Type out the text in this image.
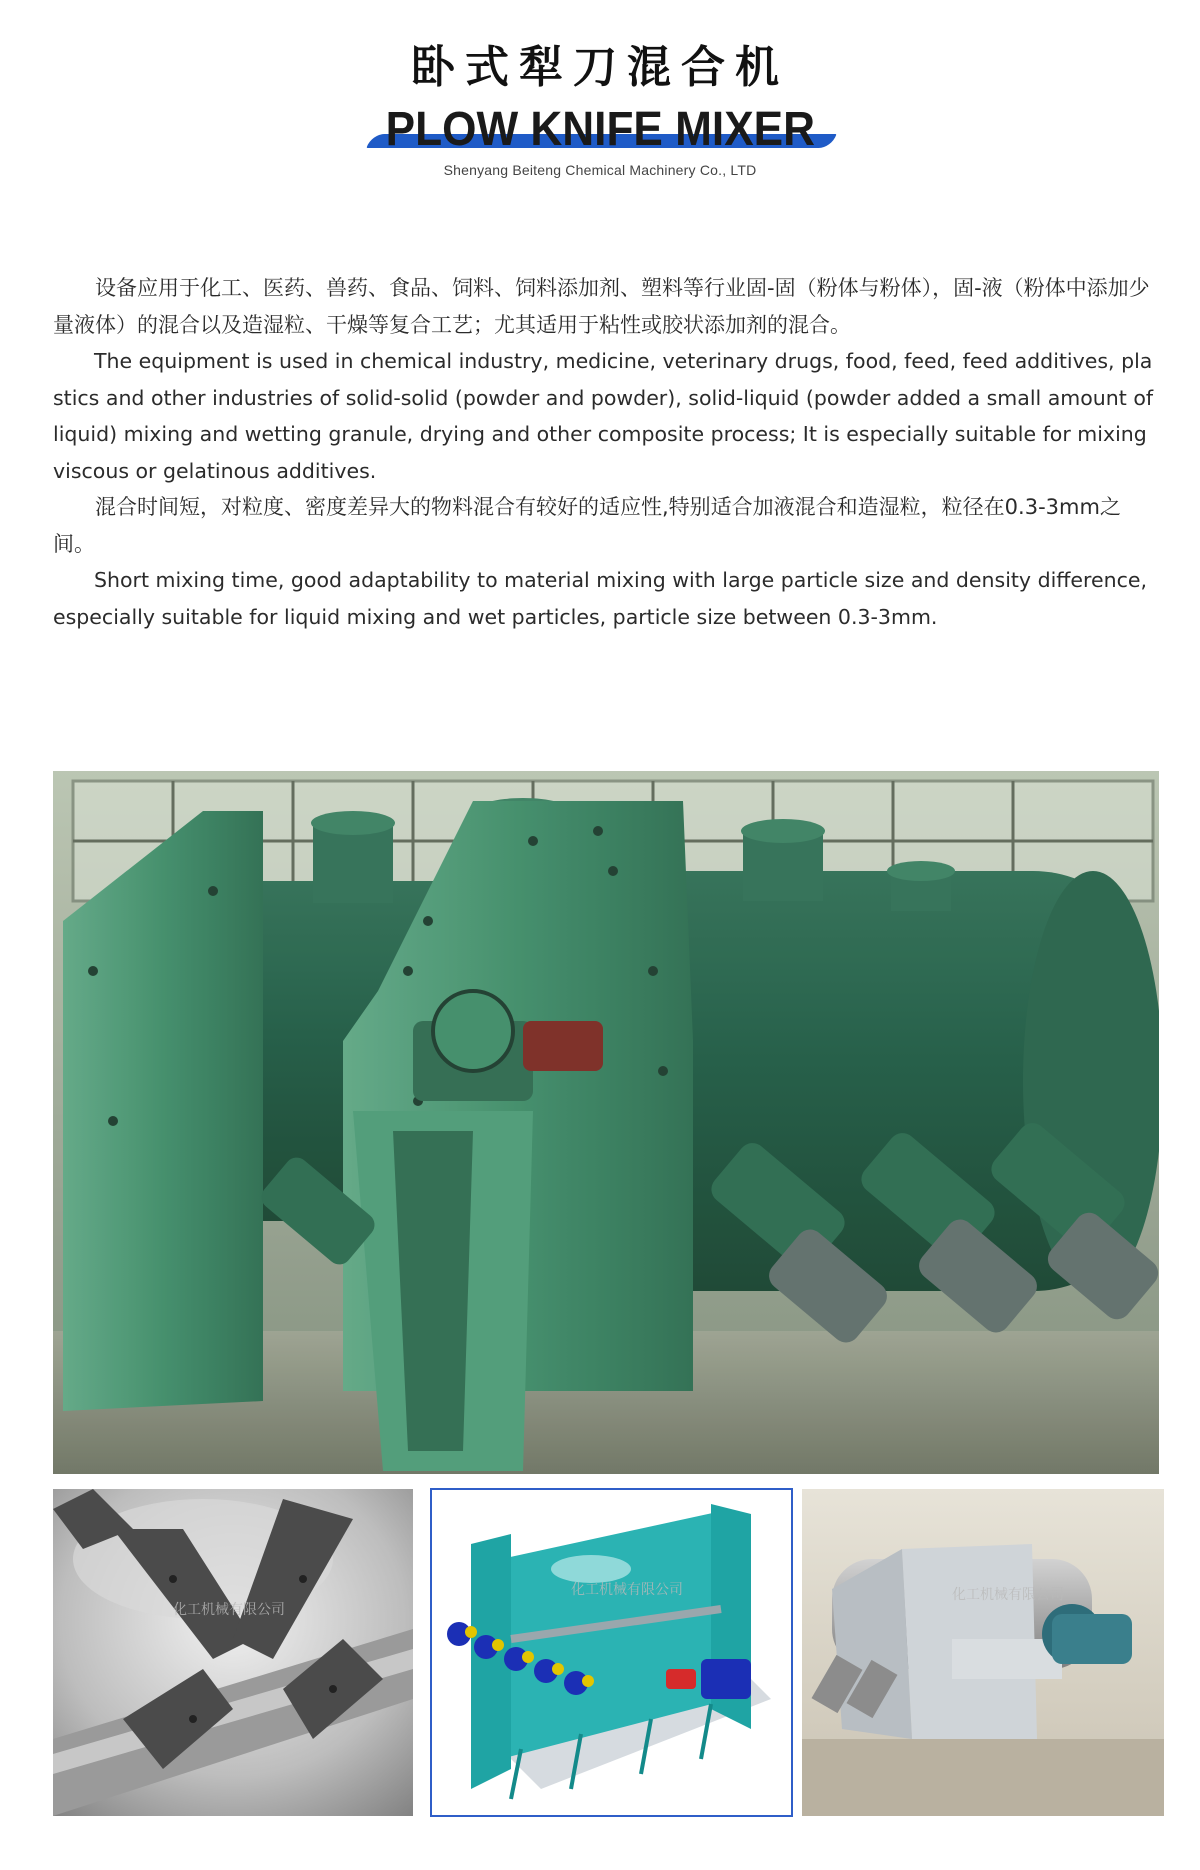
卧式犁刀混合机
PLOW KNIFE MIXER
Shenyang Beiteng Chemical Machinery Co., LTD

设备应用于化工、医药、兽药、食品、饲料、饲料添加剂、塑料等行业固-固（粉体与粉体），固-液（粉体中添加少量液体）的混合以及造湿粒、干燥等复合工艺；尤其适用于粘性或胶状添加剂的混合。

The equipment is used in chemical industry, medicine, veterinary drugs, food, feed, feed additives, plastics and other industries of solid-solid (powder and powder), solid-liquid (powder added a small amount of liquid) mixing and wetting granule, drying and other composite process; It is especially suitable for mixing viscous or gelatinous additives.

混合时间短，对粒度、密度差异大的物料混合有较好的适应性,特别适合加液混合和造湿粒，粒径在0.3-3mm之间。

Short mixing time, good adaptability to material mixing with large particle size and density difference, especially suitable for liquid mixing and wet particles, particle size between 0.3-3mm.

化工机械有限公司
化工机械有限公司	化工机械有限公司
